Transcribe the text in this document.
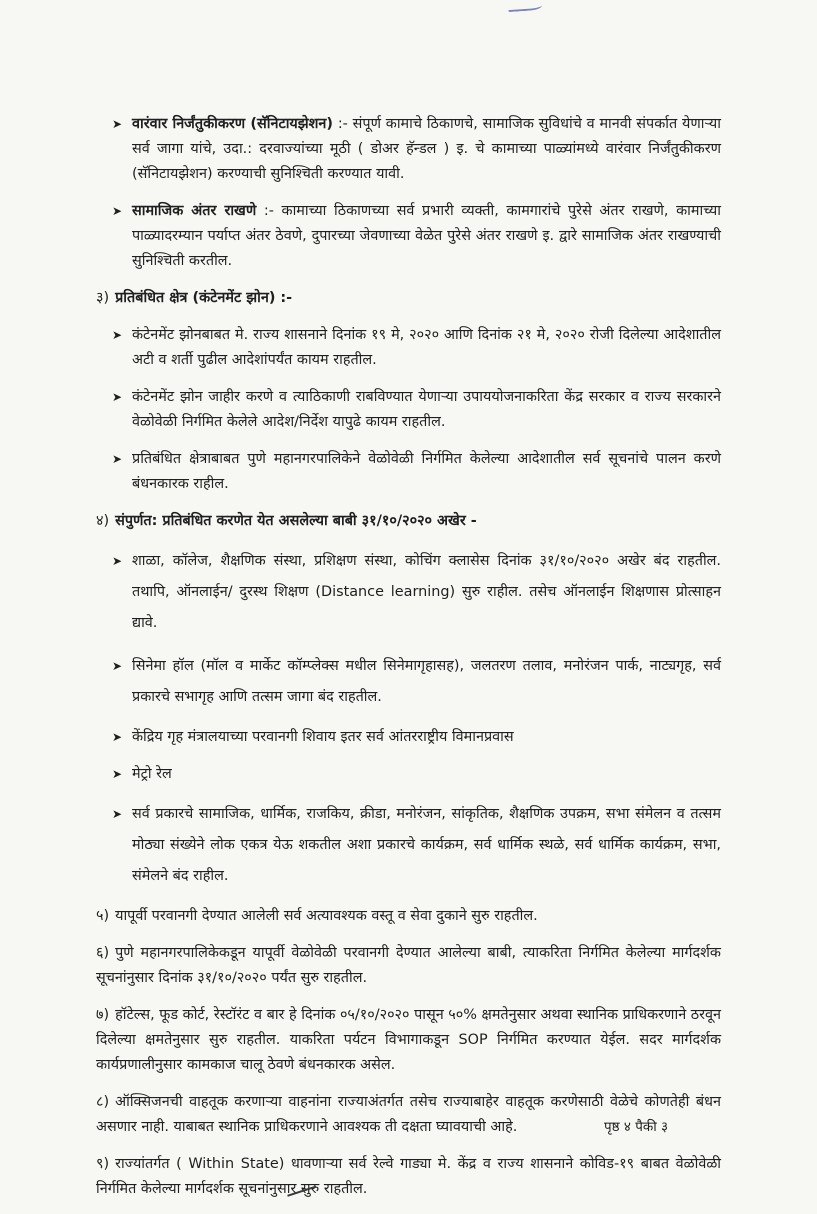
➤ वारंवार निर्जंतुकीकरण (सॅनिटायझेशन) :- संपूर्ण कामाचे ठिकाणचे, सामाजिक सुविधांचे व मानवी संपर्कात येणाऱ्या सर्व जागा यांचे, उदा.: दरवाज्यांच्या मूठी ( डोअर हॅन्डल ) इ. चे कामाच्या पाळ्यांमध्ये वारंवार निर्जंतुकीकरण (सॅनिटायझेशन) करण्याची सुनिश्चिती करण्यात यावी.
➤ सामाजिक अंतर राखणे :- कामाच्या ठिकाणच्या सर्व प्रभारी व्यक्ती, कामगारांचे पुरेसे अंतर राखणे, कामाच्या पाळ्यादरम्यान पर्याप्त अंतर ठेवणे, दुपारच्या जेवणाच्या वेळेत पुरेसे अंतर राखणे इ. द्वारे सामाजिक अंतर राखण्याची सुनिश्चिती करतील.
३) प्रतिबंधित क्षेत्र (कंटेनमेंट झोन) :-
➤ कंटेनमेंट झोनबाबत मे. राज्य शासनाने दिनांक १९ मे, २०२० आणि दिनांक २१ मे, २०२० रोजी दिलेल्या आदेशातील अटी व शर्ती पुढील आदेशांपर्यंत कायम राहतील.
➤ कंटेनमेंट झोन जाहीर करणे व त्याठिकाणी राबविण्यात येणाऱ्या उपाययोजनाकरिता केंद्र सरकार व राज्य सरकारने वेळोवेळी निर्गमित केलेले आदेश/निर्देश यापुढे कायम राहतील.
➤ प्रतिबंधित क्षेत्राबाबत पुणे महानगरपालिकेने वेळोवेळी निर्गमित केलेल्या आदेशातील सर्व सूचनांचे पालन करणे बंधनकारक राहील.
४) संपुर्णत: प्रतिबंधित करणेत येत असलेल्या बाबी ३१/१०/२०२० अखेर -
➤ शाळा, कॉलेज, शैक्षणिक संस्था, प्रशिक्षण संस्था, कोचिंग क्लासेस दिनांक ३१/१०/२०२० अखेर बंद राहतील. तथापि, ऑनलाईन/ दुरस्थ शिक्षण (Distance learning) सुरु राहील. तसेच ऑनलाईन शिक्षणास प्रोत्साहन द्यावे.
➤ सिनेमा हॉल (मॉल व मार्केट कॉम्प्लेक्स मधील सिनेमागृहासह), जलतरण तलाव, मनोरंजन पार्क, नाट्यगृह, सर्व प्रकारचे सभागृह आणि तत्सम जागा बंद राहतील.
➤ केंद्रिय गृह मंत्रालयाच्या परवानगी शिवाय इतर सर्व आंतरराष्ट्रीय विमानप्रवास
➤ मेट्रो रेल
➤ सर्व प्रकारचे सामाजिक, धार्मिक, राजकिय, क्रीडा, मनोरंजन, सांकृतिक, शैक्षणिक उपक्रम, सभा संमेलन व तत्सम मोठ्या संख्येने लोक एकत्र येऊ शकतील अशा प्रकारचे कार्यक्रम, सर्व धार्मिक स्थळे, सर्व धार्मिक कार्यक्रम, सभा, संमेलने बंद राहील.
५) यापूर्वी परवानगी देण्यात आलेली सर्व अत्यावश्यक वस्तू व सेवा दुकाने सुरु राहतील.
६) पुणे महानगरपालिकेकडून यापूर्वी वेळोवेळी परवानगी देण्यात आलेल्या बाबी, त्याकरिता निर्गमित केलेल्या मार्गदर्शक सूचनांनुसार दिनांक ३१/१०/२०२० पर्यंत सुरु राहतील.
७) हॉटेल्स, फूड कोर्ट, रेस्टॉरंट व बार हे दिनांक ०५/१०/२०२० पासून ५०% क्षमतेनुसार अथवा स्थानिक प्राधिकरणाने ठरवून दिलेल्या क्षमतेनुसार सुरु राहतील. याकरिता पर्यटन विभागाकडून SOP निर्गमित करण्यात येईल. सदर मार्गदर्शक कार्यप्रणालीनुसार कामकाज चालू ठेवणे बंधनकारक असेल.
८) ऑक्सिजनची वाहतूक करणाऱ्या वाहनांना राज्याअंतर्गत तसेच राज्याबाहेर वाहतूक करणेसाठी वेळेचे कोणतेही बंधन असणार नाही. याबाबत स्थानिक प्राधिकरणाने आवश्यक ती दक्षता घ्यावयाची आहे.
९) राज्यांतर्गत ( Within State) धावणाऱ्या सर्व रेल्वे गाड्या मे. केंद्र व राज्य शासनाने कोविड-१९ बाबत वेळोवेळी निर्गमित केलेल्या मार्गदर्शक सूचनांनुसार सुरु राहतील.
पृष्ठ ४ पैकी ३
